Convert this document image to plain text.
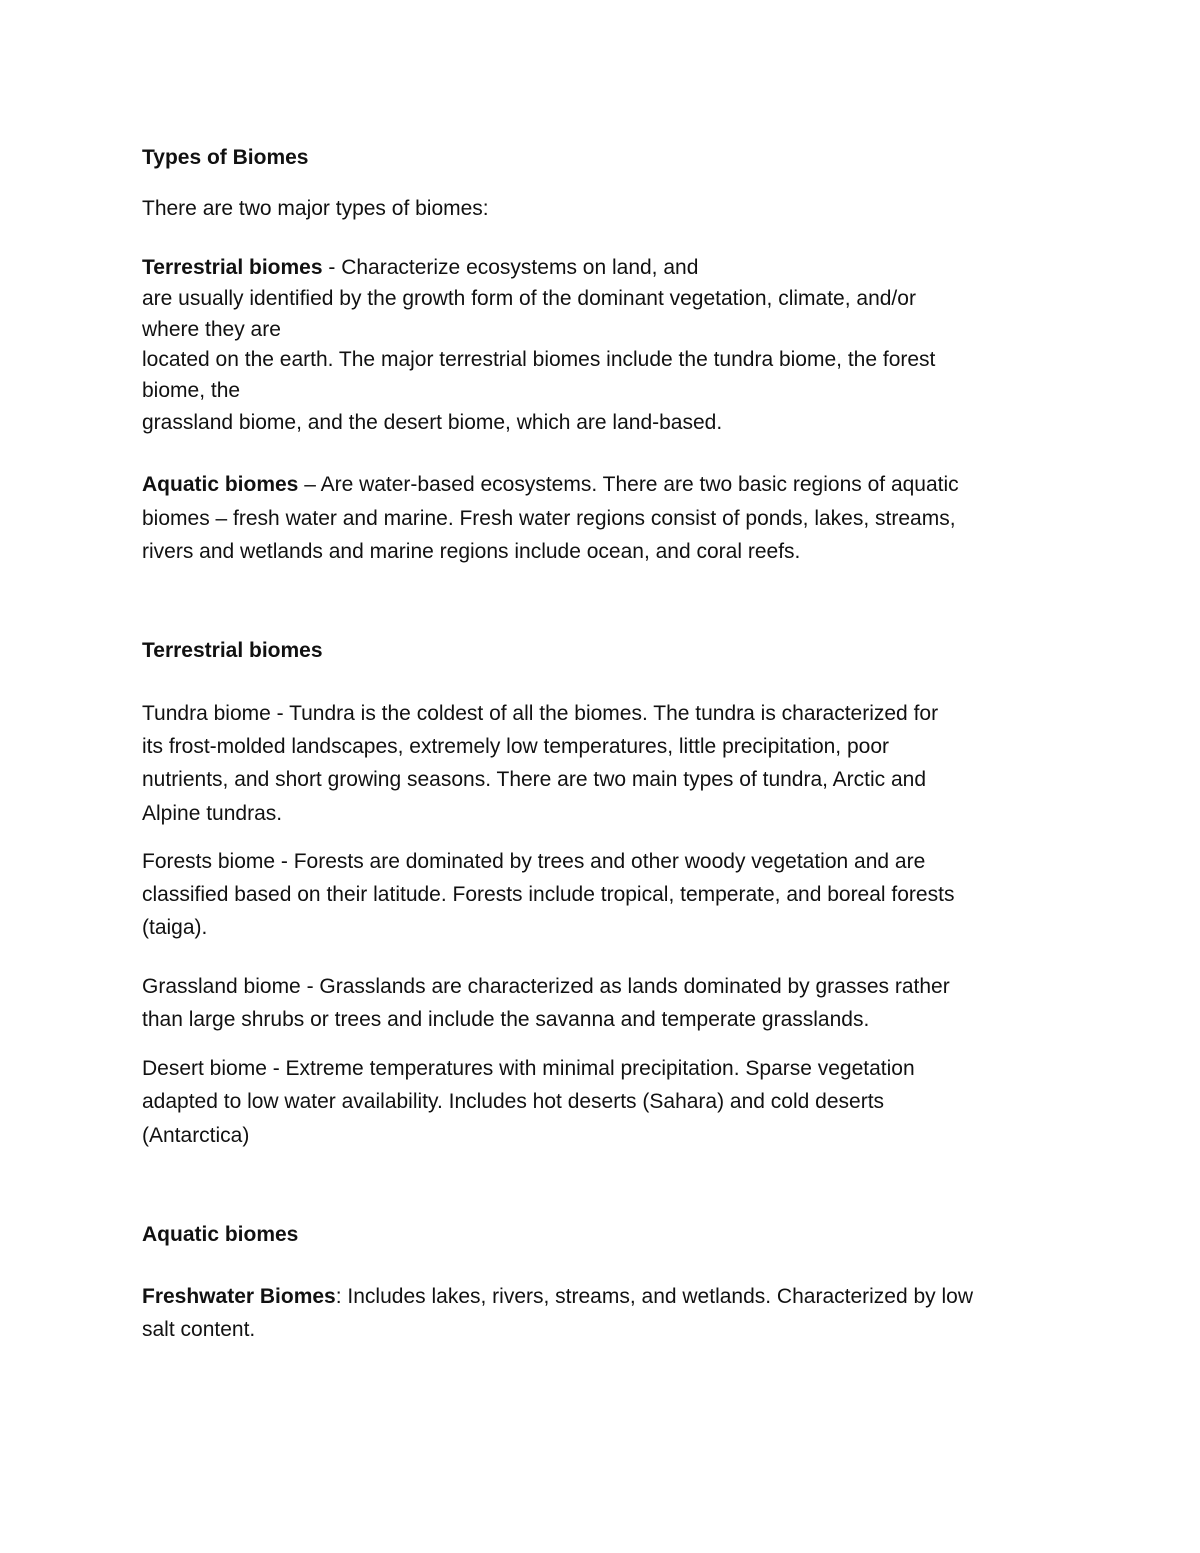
Types of Biomes

There are two major types of biomes:

Terrestrial biomes - Characterize ecosystems on land, and

are usually identified by the growth form of the dominant vegetation, climate, and/or

where they are

located on the earth. The major terrestrial biomes include the tundra biome, the forest

biome, the

grassland biome, and the desert biome, which are land-based.

Aquatic biomes – Are water-based ecosystems. There are two basic regions of aquatic

biomes – fresh water and marine. Fresh water regions consist of ponds, lakes, streams,

rivers and wetlands and marine regions include ocean, and coral reefs.

Terrestrial biomes

Tundra biome - Tundra is the coldest of all the biomes. The tundra is characterized for

its frost-molded landscapes, extremely low temperatures, little precipitation, poor

nutrients, and short growing seasons. There are two main types of tundra, Arctic and

Alpine tundras.

Forests biome - Forests are dominated by trees and other woody vegetation and are

classified based on their latitude. Forests include tropical, temperate, and boreal forests

(taiga).

Grassland biome - Grasslands are characterized as lands dominated by grasses rather

than large shrubs or trees and include the savanna and temperate grasslands.

Desert biome - Extreme temperatures with minimal precipitation. Sparse vegetation

adapted to low water availability. Includes hot deserts (Sahara) and cold deserts

(Antarctica)

Aquatic biomes

Freshwater Biomes: Includes lakes, rivers, streams, and wetlands. Characterized by low

salt content.
